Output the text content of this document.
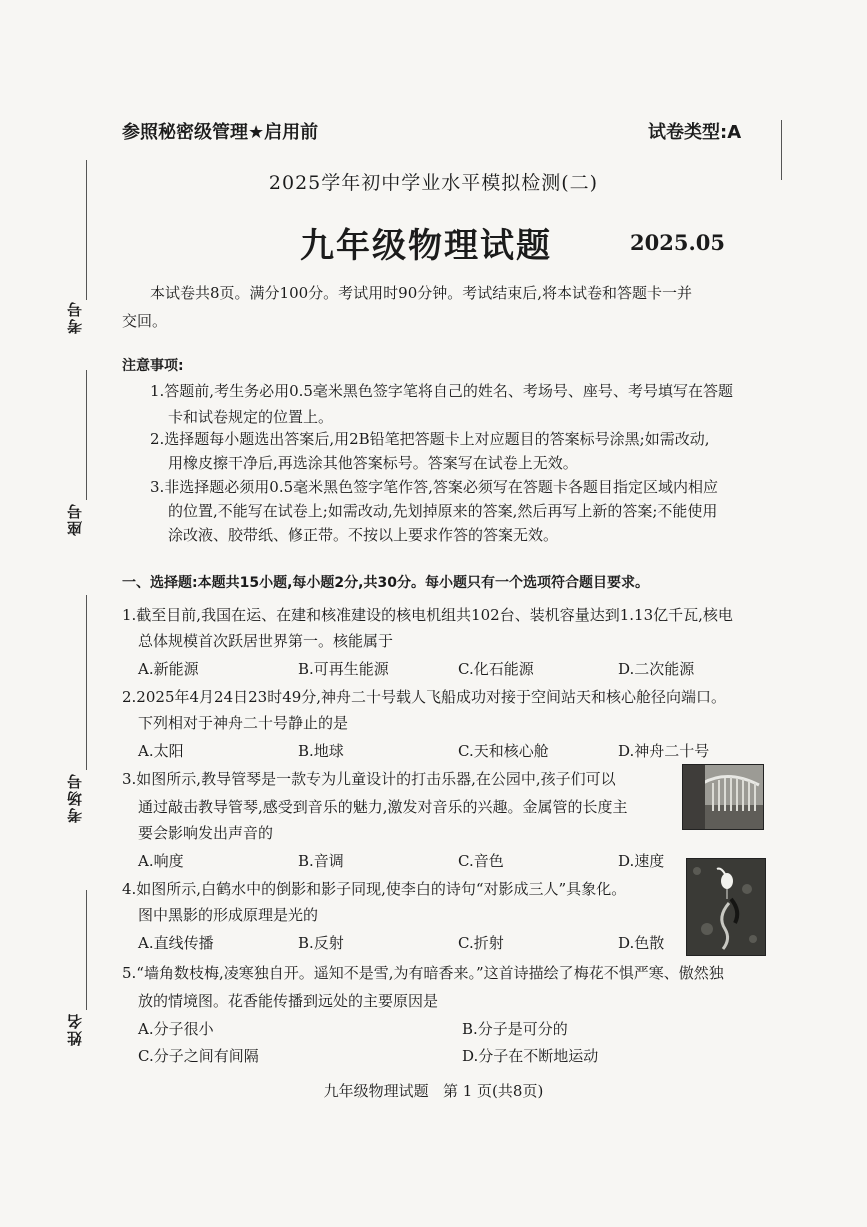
考号
座号
考场号
姓名
参照秘密级管理★启用前	试卷类型:A
2025学年初中学业水平模拟检测(二)
九年级物理试题	2025.05
本试卷共8页。满分100分。考试用时90分钟。考试结束后,将本试卷和答题卡一并
交回。
注意事项:
1.答题前,考生务必用0.5毫米黑色签字笔将自己的姓名、考场号、座号、考号填写在答题
卡和试卷规定的位置上。
2.选择题每小题选出答案后,用2B铅笔把答题卡上对应题目的答案标号涂黑;如需改动,
用橡皮擦干净后,再选涂其他答案标号。答案写在试卷上无效。
3.非选择题必须用0.5毫米黑色签字笔作答,答案必须写在答题卡各题目指定区域内相应
的位置,不能写在试卷上;如需改动,先划掉原来的答案,然后再写上新的答案;不能使用
涂改液、胶带纸、修正带。不按以上要求作答的答案无效。
一、选择题:本题共15小题,每小题2分,共30分。每小题只有一个选项符合题目要求。
1.截至目前,我国在运、在建和核准建设的核电机组共102台、装机容量达到1.13亿千瓦,核电
总体规模首次跃居世界第一。核能属于
A.新能源	B.可再生能源	C.化石能源	D.二次能源
2.2025年4月24日23时49分,神舟二十号载人飞船成功对接于空间站天和核心舱径向端口。
下列相对于神舟二十号静止的是
A.太阳	B.地球	C.天和核心舱	D.神舟二十号
3.如图所示,教导管琴是一款专为儿童设计的打击乐器,在公园中,孩子们可以
通过敲击教导管琴,感受到音乐的魅力,激发对音乐的兴趣。金属管的长度主
要会影响发出声音的
A.响度	B.音调	C.音色	D.速度
4.如图所示,白鹤水中的倒影和影子同现,使李白的诗句“对影成三人”具象化。
图中黑影的形成原理是光的
A.直线传播	B.反射	C.折射	D.色散
5.“墙角数枝梅,凌寒独自开。遥知不是雪,为有暗香来。”这首诗描绘了梅花不惧严寒、傲然独
放的情境图。花香能传播到远处的主要原因是
A.分子很小	B.分子是可分的
C.分子之间有间隔	D.分子在不断地运动
九年级物理试题   第 1 页(共8页)
